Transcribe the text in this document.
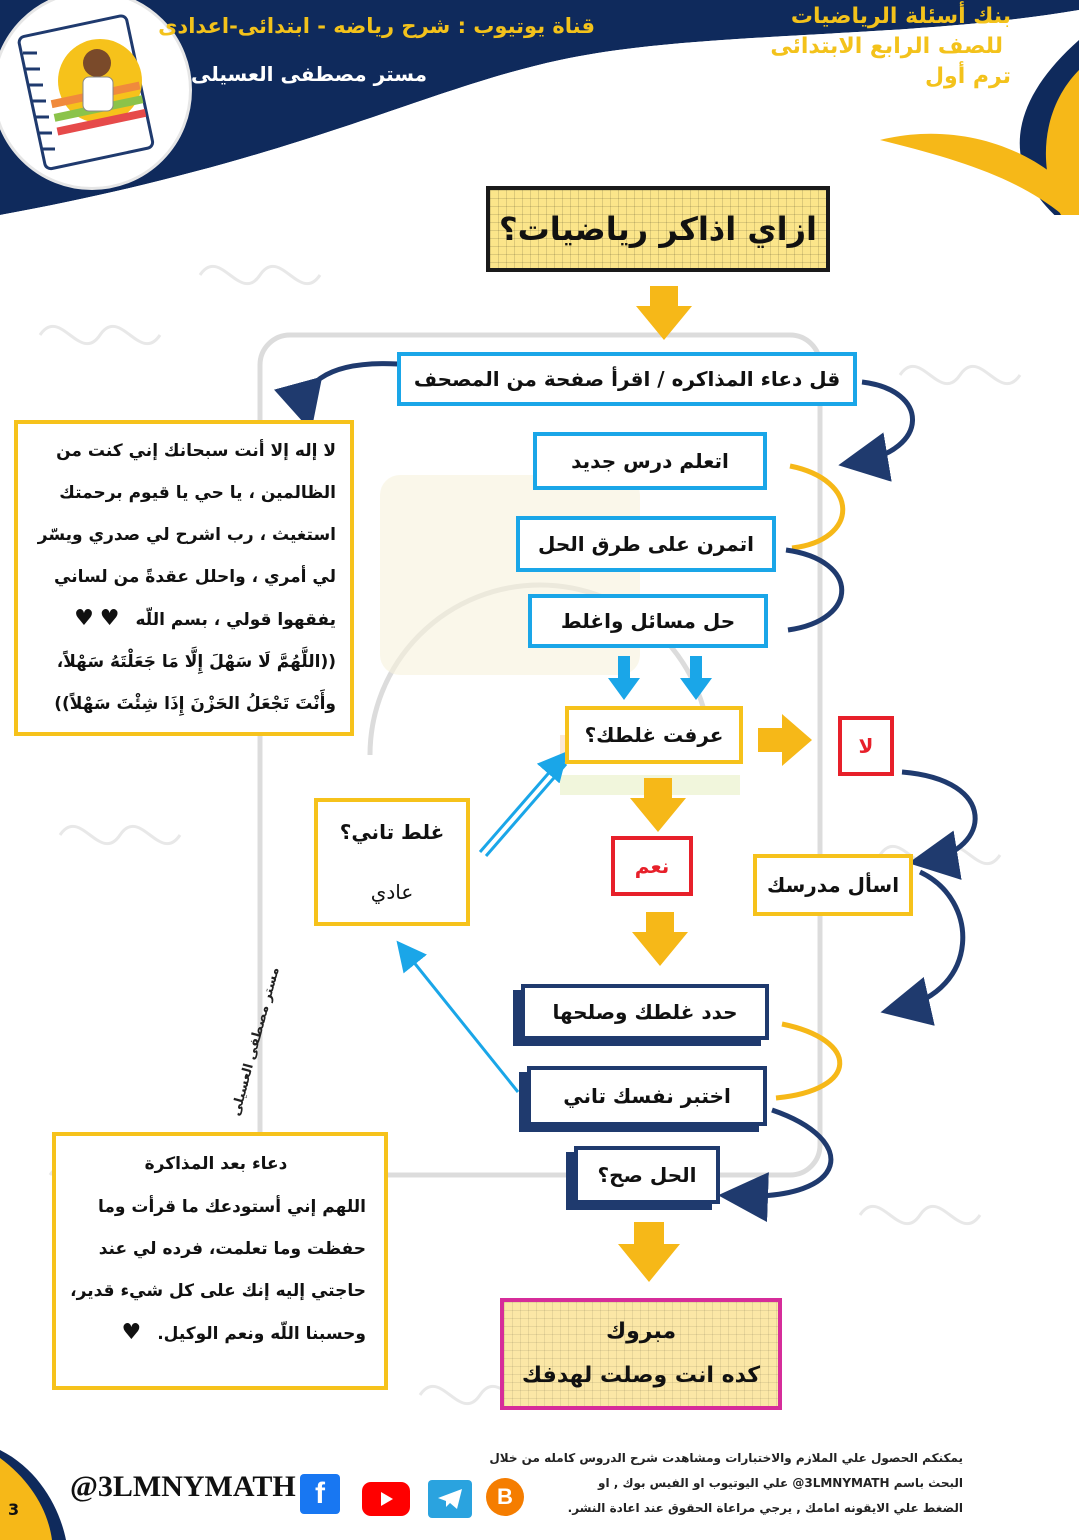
بنك أسئلة الرياضيات
للصف الرابع الابتدائى
ترم أول
قناة يوتيوب : شرح رياضه - ابتدائى-اعدادى
مستر مصطفى العسيلى
ازاي اذاكر رياضيات؟
قل دعاء المذاكره / اقرأ صفحة من المصحف
اتعلم درس جديد
اتمرن على طرق الحل
حل مسائل واغلط
عرفت غلطك؟	لا
نعم
اسأل مدرسك
غلط تاني؟
عادي
حدد غلطك وصلحها
اختبر نفسك تاني
الحل صح؟
مبروك
كده انت وصلت لهدفك
لا إله إلا أنت سبحانك إني كنت من
الظالمين ، يا حي يا قيوم برحمتك
استغيث ، رب اشرح لي صدري ويسّر
لي أمري ، واحلل عقدةً من لساني
يفقهوا قولي ، بسم اللّه ♥ ♥
((اللَّهُمَّ لَا سَهْلَ إِلَّا مَا جَعَلْتَهُ سَهْلاً،
وأَنْتَ تَجْعَلُ الحَزْنَ إِذَا شِئْتَ سَهْلاً))
مستر مصطفى العسيلى
دعاء بعد المذاكرة
اللهم إني أستودعك ما قرأت وما
حفظت وما تعلمت، فرده لي عند
حاجتي إليه إنك على كل شيء قدير،
وحسبنا اللّه ونعم الوكيل. ♥
3
@3LMNYMATH f	B
يمكنكم الحصول علي الملازم والاختبارات ومشاهدت شرح الدروس كامله من خلال
البحث باسم 3LMNYMATH@ علي اليوتيوب او الفيس بوك , او
الضغط علي الايقونه امامك , يرجي مراعاة الحقوق عند اعادة النشر.
